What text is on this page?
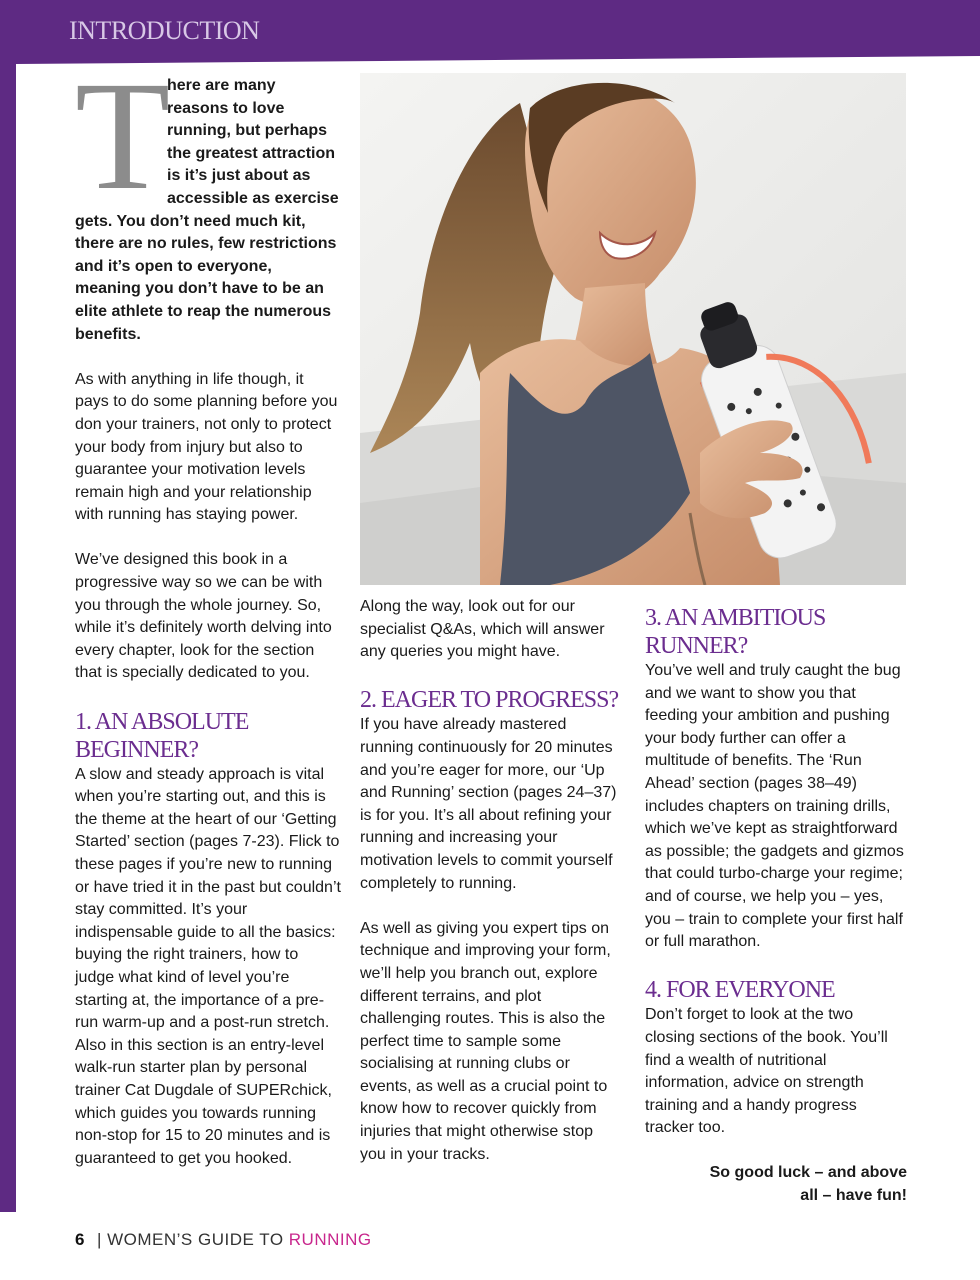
INTRODUCTION
T

here are many reasons to love running, but perhaps the greatest attraction is it’s just about as accessible as exercise gets. You don’t need much kit, there are no rules, few restrictions and it’s open to everyone, meaning you don’t have to be an elite athlete to reap the numerous benefits.

As with anything in life though, it pays to do some planning before you don your trainers, not only to protect your body from injury but also to guarantee your motivation levels remain high and your relationship with running has staying power.

We’ve designed this book in a progressive way so we can be with you through the whole journey. So, while it’s definitely worth delving into every chapter, look for the section that is specially dedicated to you.

1. AN ABSOLUTE BEGINNER?

A slow and steady approach is vital when you’re starting out, and this is the theme at the heart of our ‘Getting Started’ section (pages 7-23). Flick to these pages if you’re new to running or have tried it in the past but couldn’t stay committed. It’s your indispensable guide to all the basics: buying the right trainers, how to judge what kind of level you’re starting at, the importance of a pre-run warm-up and a post-run stretch. Also in this section is an entry-level walk-run starter plan by personal trainer Cat Dugdale of SUPERchick, which guides you towards running non-stop for 15 to 20 minutes and is guaranteed to get you hooked.

Along the way, look out for our specialist Q&As, which will answer any queries you might have.

2. EAGER TO PROGRESS?

If you have already mastered running continuously for 20 minutes and you’re eager for more, our ‘Up and Running’ section (pages 24–37) is for you. It’s all about refining your running and increasing your motivation levels to commit yourself completely to running.

As well as giving you expert tips on technique and improving your form, we’ll help you branch out, explore different terrains, and plot challenging routes. This is also the perfect time to sample some socialising at running clubs or events, as well as a crucial point to know how to recover quickly from injuries that might otherwise stop you in your tracks.

3. AN AMBITIOUS RUNNER?

You’ve well and truly caught the bug and we want to show you that feeding your ambition and pushing your body further can offer a multitude of benefits. The ‘Run Ahead’ section (pages 38–49) includes chapters on training drills, which we’ve kept as straightforward as possible; the gadgets and gizmos that could turbo-charge your regime; and of course, we help you – yes, you – train to complete your first half or full marathon.

4. FOR EVERYONE

Don’t forget to look at the two closing sections of the book. You’ll find a wealth of nutritional information, advice on strength training and a handy progress tracker too.

So good luck – and above
all – have fun!

6 | WOMEN’S GUIDE TO RUNNING
